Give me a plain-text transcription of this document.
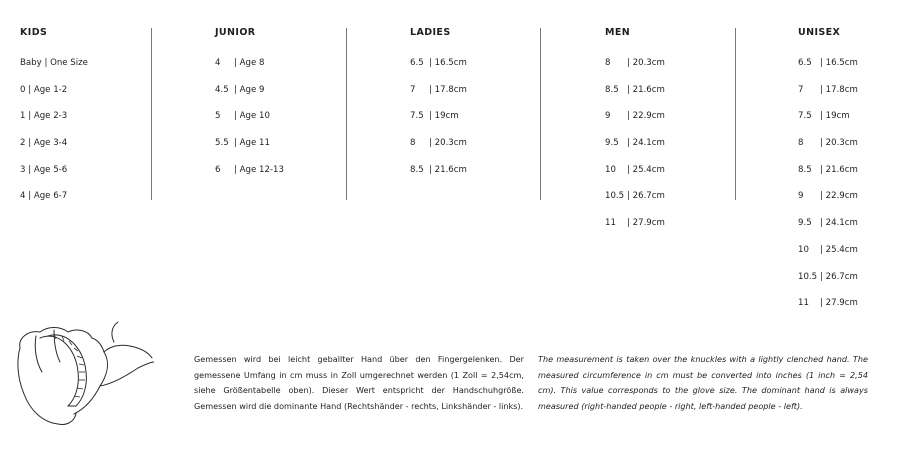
KIDS
Baby | One Size
0 | Age 1-2
1 | Age 2-3
2 | Age 3-4
3 | Age 5-6
4 | Age 6-7
JUNIOR
4 | Age 8
4.5 | Age 9
5 | Age 10
5.5 | Age 11
6 | Age 12-13
LADIES
6.5 | 16.5cm
7 | 17.8cm
7.5 | 19cm
8 | 20.3cm
8.5 | 21.6cm
MEN
8 | 20.3cm
8.5 | 21.6cm
9 | 22.9cm
9.5 | 24.1cm
10 | 25.4cm
10.5 | 26.7cm
11 | 27.9cm
UNISEX
6.5 | 16.5cm
7 | 17.8cm
7.5 | 19cm
8 | 20.3cm
8.5 | 21.6cm
9 | 22.9cm
9.5 | 24.1cm
10 | 25.4cm
10.5 | 26.7cm
11 | 27.9cm

Gemessen wird bei leicht geballter Hand über den Fingergelenken. Der gemessene Umfang in cm muss in Zoll umgerechnet werden (1 Zoll = 2,54cm, siehe Größentabelle oben). Dieser Wert entspricht der Handschuhgröße. Gemessen wird die dominante Hand (Rechtshänder - rechts, Linkshänder - links).

The measurement is taken over the knuckles with a lightly clenched hand. The measured circumference in cm must be converted into inches (1 inch = 2,54 cm). This value corresponds to the glove size. The dominant hand is always measured (right-handed people - right, left-handed people - left).
